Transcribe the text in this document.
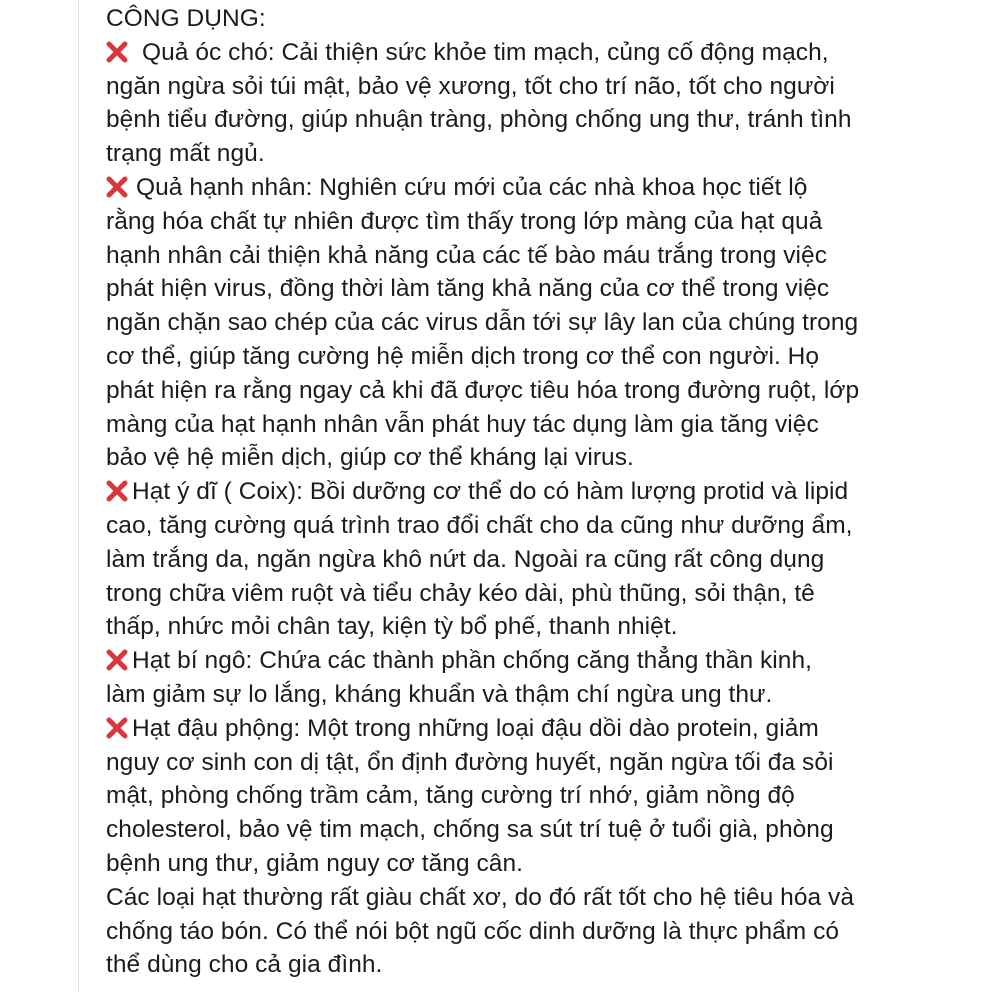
CÔNG DỤNG:
Quả óc chó: Cải thiện sức khỏe tim mạch, củng cố động mạch,
ngăn ngừa sỏi túi mật, bảo vệ xương, tốt cho trí não, tốt cho người
bệnh tiểu đường, giúp nhuận tràng, phòng chống ung thư, tránh tình
trạng mất ngủ.
Quả hạnh nhân: Nghiên cứu mới của các nhà khoa học tiết lộ
rằng hóa chất tự nhiên được tìm thấy trong lớp màng của hạt quả
hạnh nhân cải thiện khả năng của các tế bào máu trắng trong việc
phát hiện virus, đồng thời làm tăng khả năng của cơ thể trong việc
ngăn chặn sao chép của các virus dẫn tới sự lây lan của chúng trong
cơ thể, giúp tăng cường hệ miễn dịch trong cơ thể con người. Họ
phát hiện ra rằng ngay cả khi đã được tiêu hóa trong đường ruột, lớp
màng của hạt hạnh nhân vẫn phát huy tác dụng làm gia tăng việc
bảo vệ hệ miễn dịch, giúp cơ thể kháng lại virus.
Hạt ý dĩ ( Coix): Bồi dưỡng cơ thể do có hàm lượng protid và lipid
cao, tăng cường quá trình trao đổi chất cho da cũng như dưỡng ẩm,
làm trắng da, ngăn ngừa khô nứt da. Ngoài ra cũng rất công dụng
trong chữa viêm ruột và tiểu chảy kéo dài, phù thũng, sỏi thận, tê
thấp, nhức mỏi chân tay, kiện tỳ bổ phế, thanh nhiệt.
Hạt bí ngô: Chứa các thành phần chống căng thẳng thần kinh,
làm giảm sự lo lắng, kháng khuẩn và thậm chí ngừa ung thư.
Hạt đậu phộng: Một trong những loại đậu dồi dào protein, giảm
nguy cơ sinh con dị tật, ổn định đường huyết, ngăn ngừa tối đa sỏi
mật, phòng chống trầm cảm, tăng cường trí nhớ, giảm nồng độ
cholesterol, bảo vệ tim mạch, chống sa sút trí tuệ ở tuổi già, phòng
bệnh ung thư, giảm nguy cơ tăng cân.
Các loại hạt thường rất giàu chất xơ, do đó rất tốt cho hệ tiêu hóa và
chống táo bón. Có thể nói bột ngũ cốc dinh dưỡng là thực phẩm có
thể dùng cho cả gia đình.
